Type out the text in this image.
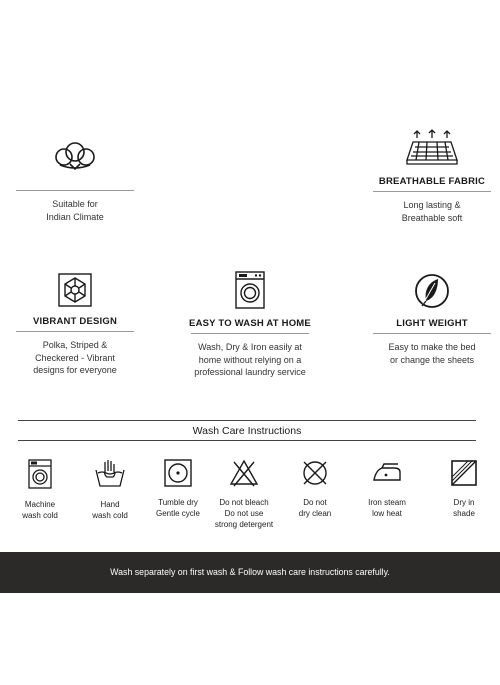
Suitable for
Indian Climate
BREATHABLE FABRIC
Long lasting &
Breathable soft
VIBRANT DESIGN
Polka, Striped &
Checkered - Vibrant
designs for everyone
EASY TO WASH AT HOME
Wash, Dry & Iron easily at
home without relying on a
professional laundry service
LIGHT WEIGHT
Easy to make the bed
or change the sheets
Wash Care Instructions
Machine
wash cold
Hand
wash cold
Tumble dry
Gentle cycle
Do not bleach
Do not use
strong detergent
Do not
dry clean
Iron steam
low heat
Dry in
shade
Wash separately on first wash & Follow wash care instructions carefully.
